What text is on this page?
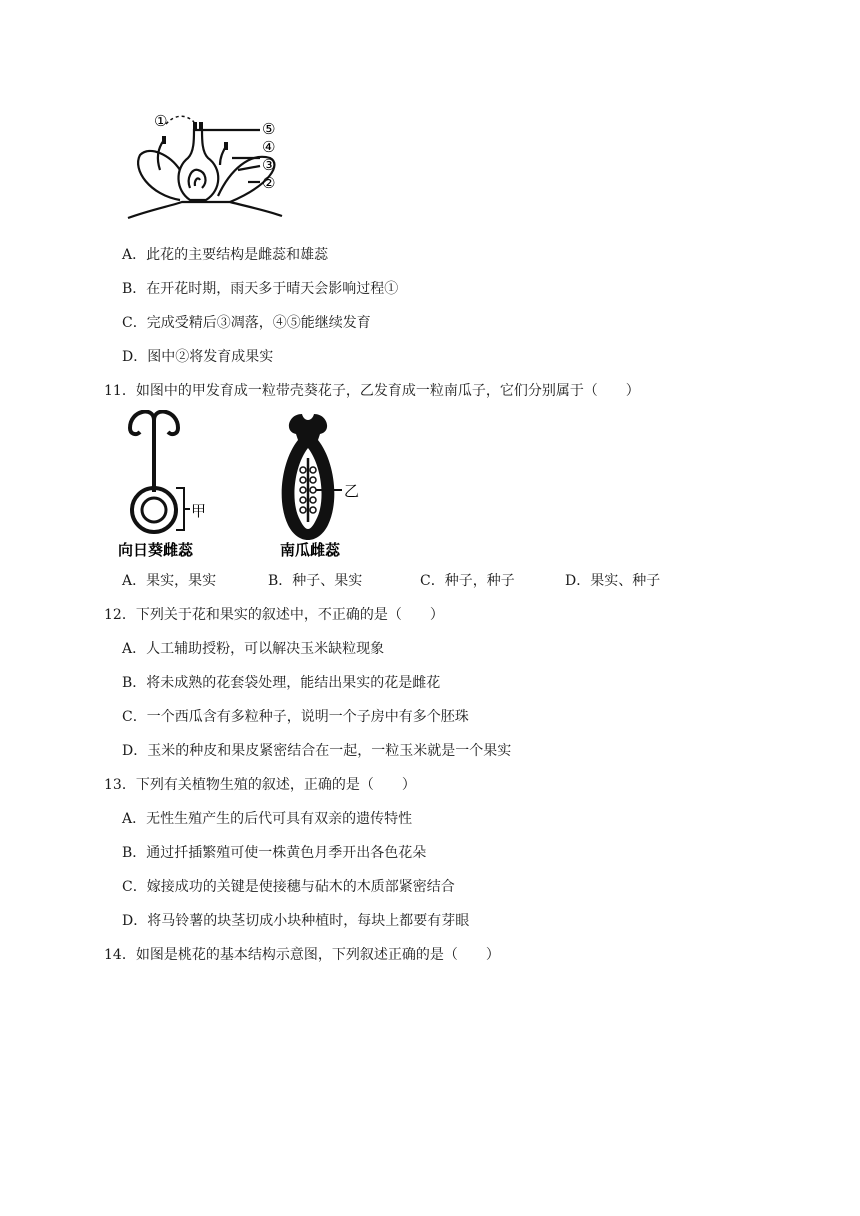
①	⑤
④
③
②
A．此花的主要结构是雌蕊和雄蕊
B．在开花时期，雨天多于晴天会影响过程①
C．完成受精后③凋落，④⑤能继续发育
D．图中②将发育成果实
11．如图中的甲发育成一粒带壳葵花子，乙发育成一粒南瓜子，它们分别属于（　　）
甲
向日葵雌蕊
乙
南瓜雌蕊
A．果实，果实	B．种子、果实	C．种子，种子	D．果实、种子
12．下列关于花和果实的叙述中，不正确的是（　　）
A．人工辅助授粉，可以解决玉米缺粒现象
B．将未成熟的花套袋处理，能结出果实的花是雌花
C．一个西瓜含有多粒种子，说明一个子房中有多个胚珠
D．玉米的种皮和果皮紧密结合在一起，一粒玉米就是一个果实
13．下列有关植物生殖的叙述，正确的是（　　）
A．无性生殖产生的后代可具有双亲的遗传特性
B．通过扦插繁殖可使一株黄色月季开出各色花朵
C．嫁接成功的关键是使接穗与砧木的木质部紧密结合
D．将马铃薯的块茎切成小块种植时，每块上都要有芽眼
14．如图是桃花的基本结构示意图，下列叙述正确的是（　　）
